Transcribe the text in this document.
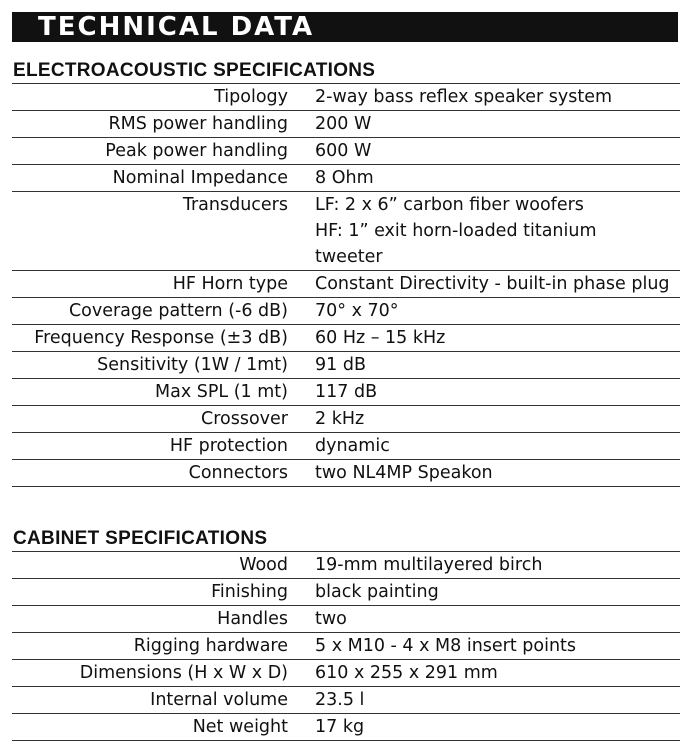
TECHNICAL DATA
ELECTROACOUSTIC SPECIFICATIONS
Tipology 2-way bass reflex speaker system
RMS power handling 200 W
Peak power handling 600 W
Nominal Impedance 8 Ohm
Transducers LF: 2 x 6” carbon fiber woofers
HF: 1” exit horn-loaded titanium
tweeter
HF Horn type Constant Directivity - built-in phase plug
Coverage pattern (-6 dB) 70° x 70°
Frequency Response (±3 dB) 60 Hz – 15 kHz
Sensitivity (1W / 1mt) 91 dB
Max SPL (1 mt) 117 dB
Crossover 2 kHz
HF protection dynamic
Connectors two NL4MP Speakon
CABINET SPECIFICATIONS
Wood 19-mm multilayered birch
Finishing black painting
Handles two
Rigging hardware 5 x M10 - 4 x M8 insert points
Dimensions (H x W x D) 610 x 255 x 291 mm
Internal volume 23.5 l
Net weight 17 kg
